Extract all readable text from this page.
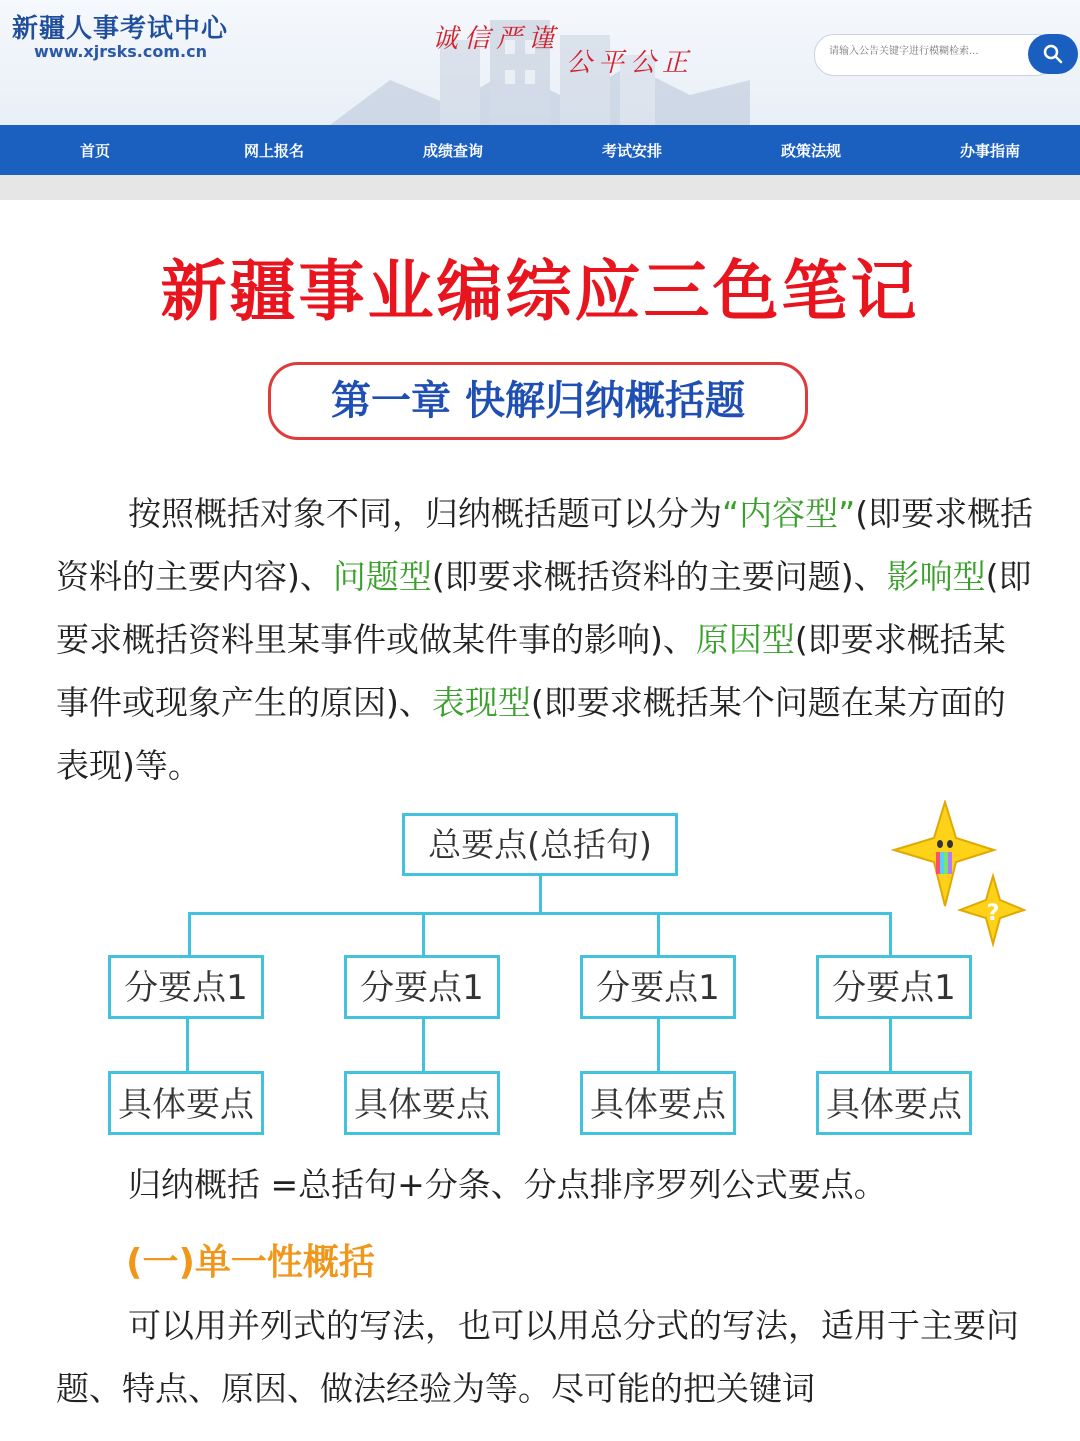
新疆人事考试中心
www.xjrsks.com.cn	诚信严谨
公平公正
请输入公告关键字进行模糊检索...
首页	网上报名	成绩查询	考试安排	政策法规	办事指南
新疆事业编综应三色笔记
第一章 快解归纳概括题
按照概括对象不同，归纳概括题可以分为“内容型”(即要求概括资料的主要内容)、问题型(即要求概括资料的主要问题)、影响型(即要求概括资料里某事件或做某件事的影响)、原因型(即要求概括某事件或现象产生的原因)、表现型(即要求概括某个问题在某方面的表现)等。
总要点(总括句)
分要点1	分要点1	分要点1	分要点1
具体要点	具体要点	具体要点	具体要点
?
归纳概括 =总括句+分条、分点排序罗列公式要点。
(一)单一性概括
可以用并列式的写法，也可以用总分式的写法，适用于主要问题、特点、原因、做法经验为等。尽可能的把关键词
